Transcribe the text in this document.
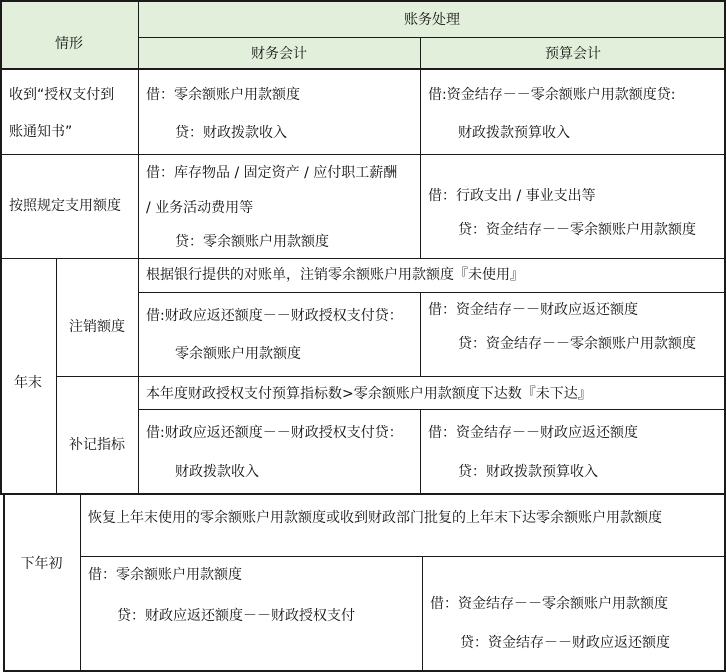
情形
账务处理
财务会计	预算会计
收到“授权支付到
账通知书”
借：零余额账户用款额度
贷：财政拨款收入
借:资金结存－－零余额账户用款额度贷:
财政拨款预算收入
按照规定支用额度
借：库存物品 / 固定资产 / 应付职工薪酬
/ 业务活动费用等
贷：零余额账户用款额度
借：行政支出 / 事业支出等
贷：资金结存－－零余额账户用款额度
年末
注销额度
根据银行提供的对账单，注销零余额账户用款额度『未使用』
借:财政应返还额度－－财政授权支付贷：
零余额账户用款额度
借：资金结存－－财政应返还额度
贷：资金结存－－零余额账户用款额度
补记指标
本年度财政授权支付预算指标数>零余额账户用款额度下达数『未下达』
借:财政应返还额度－－财政授权支付贷：
财政拨款收入
借：资金结存－－财政应返还额度
贷：财政拨款预算收入
下年初
恢复上年末使用的零余额账户用款额度或收到财政部门批复的上年末下达零余额账户用款额度
借：零余额账户用款额度
贷：财政应返还额度－－财政授权支付
借：资金结存－－零余额账户用款额度
贷：资金结存－－财政应返还额度
